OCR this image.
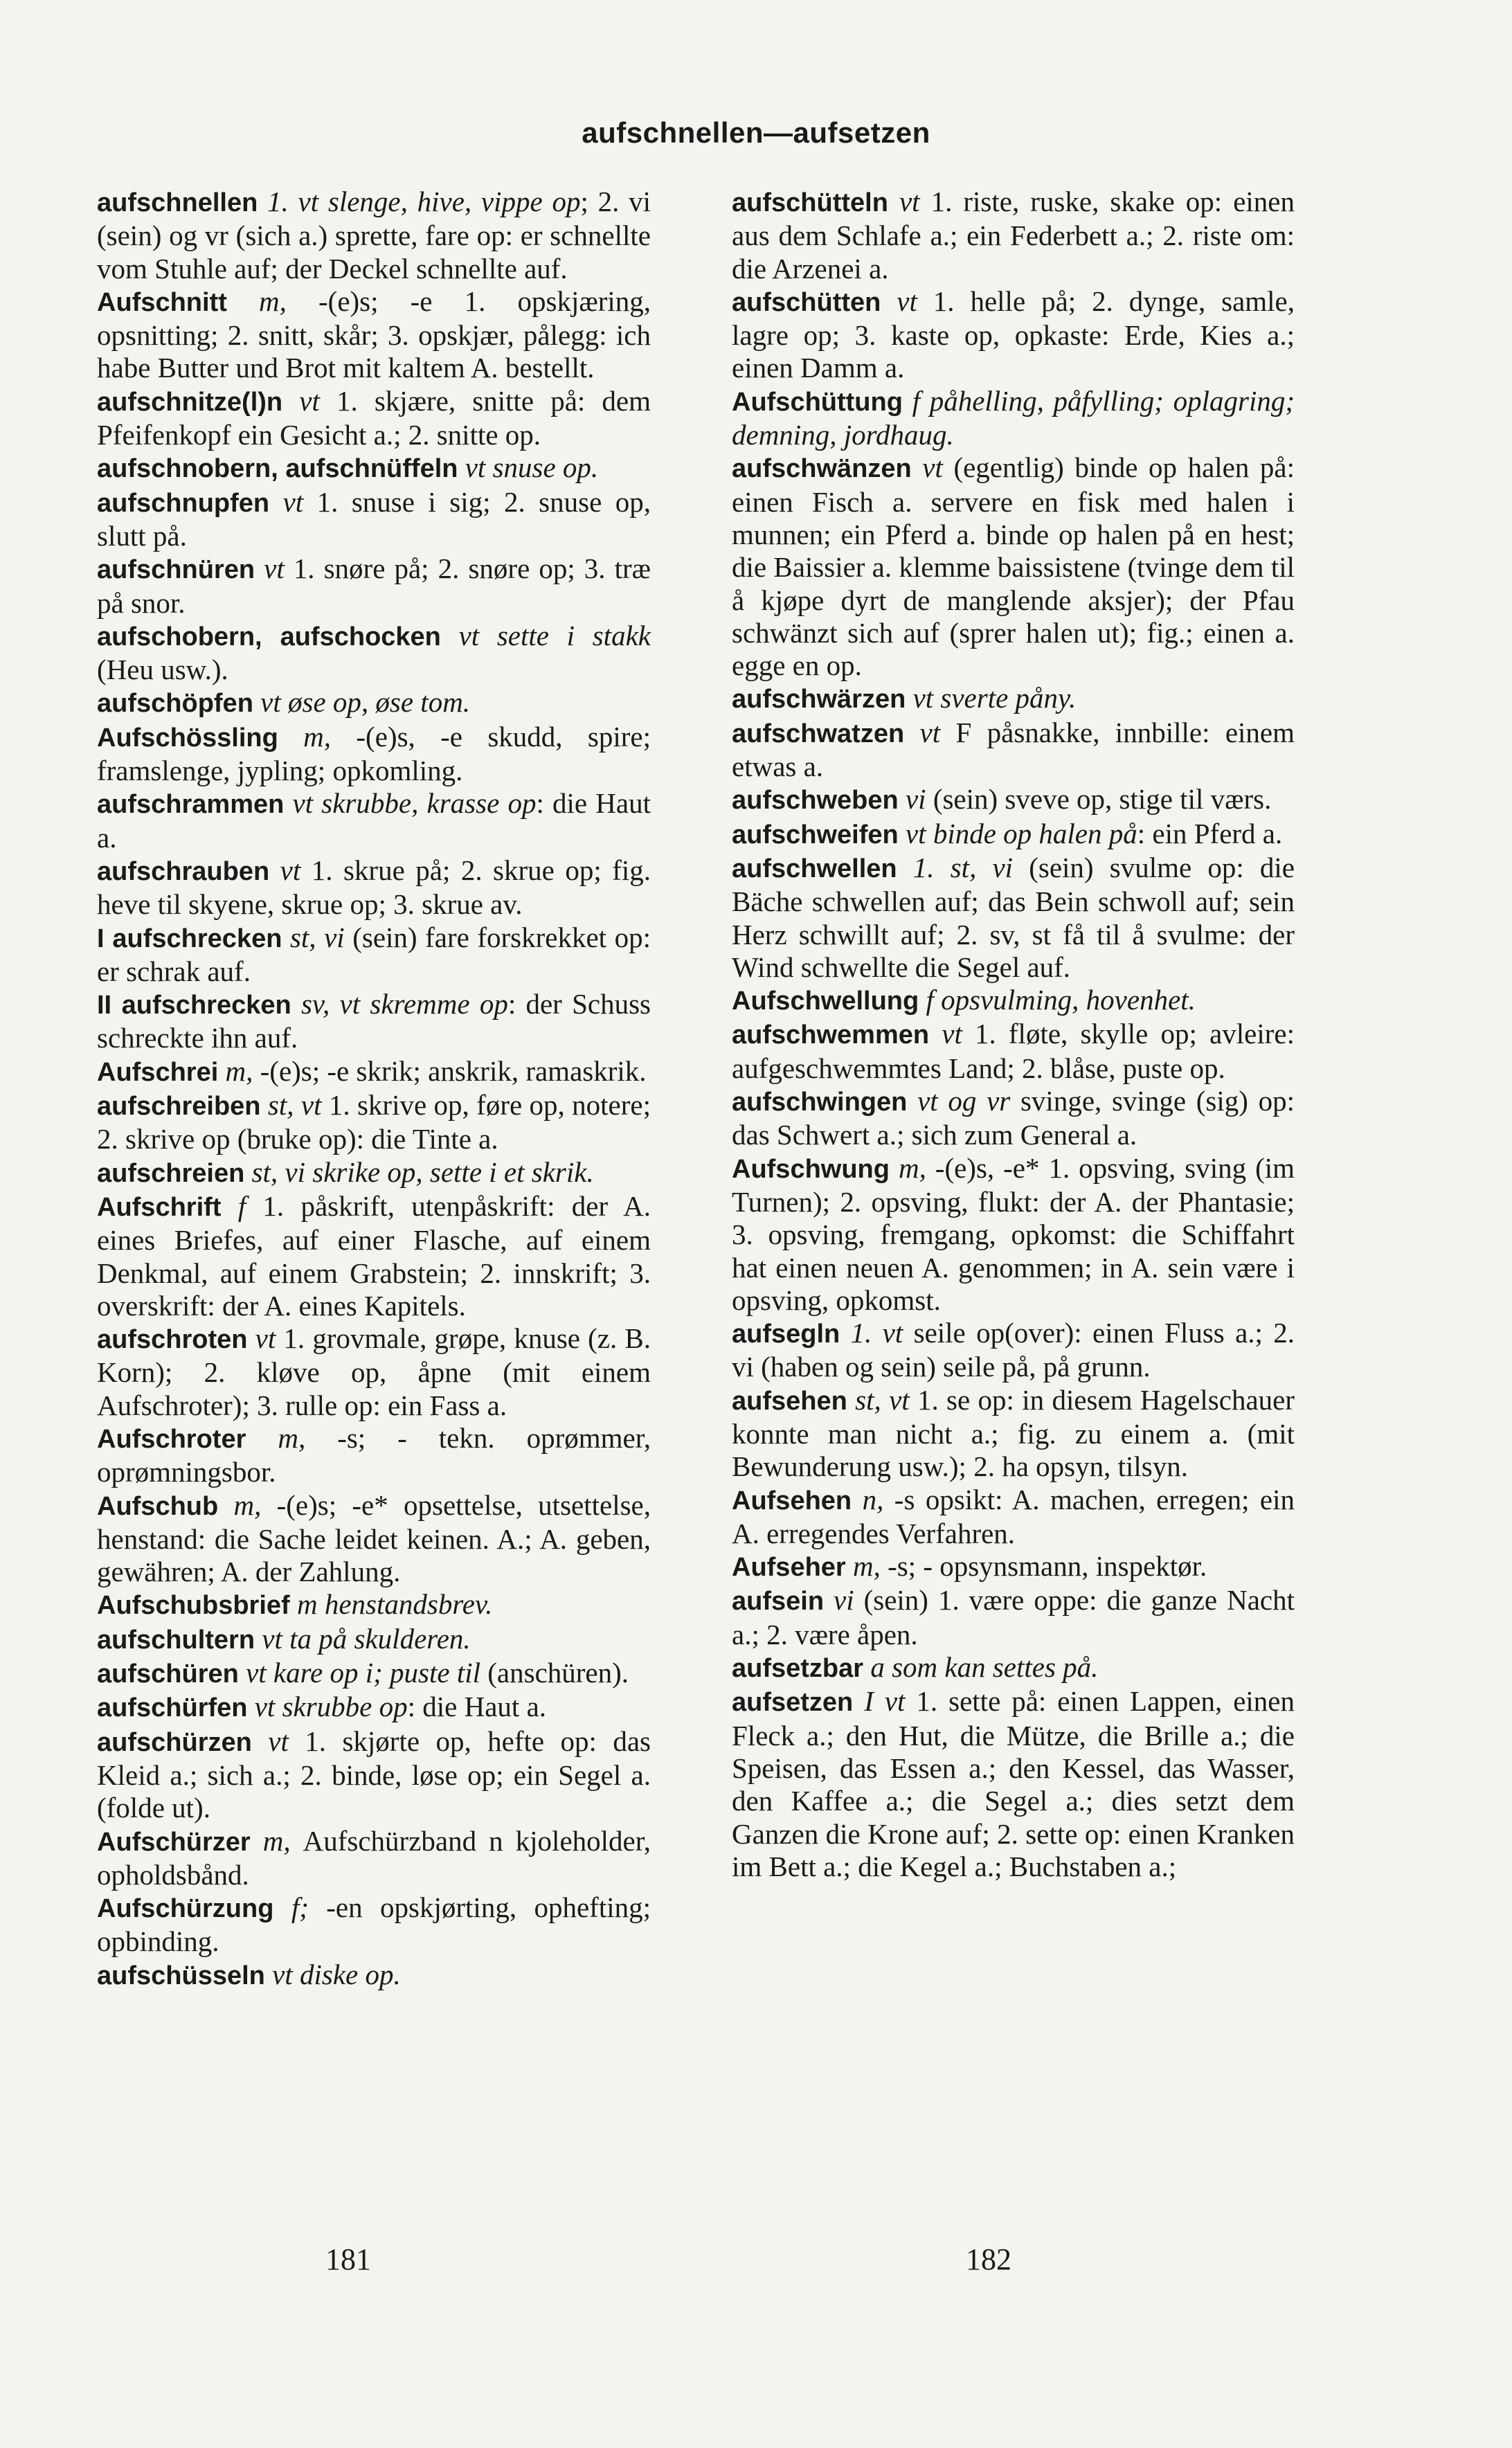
aufschnellen—aufsetzen

aufschnellen 1. vt slenge, hive, vippe op; 2. vi (sein) og vr (sich a.) sprette, fare op: er schnellte vom Stuhle auf; der Deckel schnellte auf.

Aufschnitt m, -(e)s; -e 1. opskjæring, opsnitting; 2. snitt, skår; 3. opskjær, pålegg: ich habe Butter und Brot mit kaltem A. bestellt.

aufschnitze(l)n vt 1. skjære, snitte på: dem Pfeifenkopf ein Gesicht a.; 2. snitte op.

aufschnobern, aufschnüffeln vt snuse op.

aufschnupfen vt 1. snuse i sig; 2. snuse op, slutt på.

aufschnüren vt 1. snøre på; 2. snøre op; 3. træ på snor.

aufschobern, aufschocken vt sette i stakk (Heu usw.).

aufschöpfen vt øse op, øse tom.

Aufschössling m, -(e)s, -e skudd, spire; framslenge, jypling; opkomling.

aufschrammen vt skrubbe, krasse op: die Haut a.

aufschrauben vt 1. skrue på; 2. skrue op; fig. heve til skyene, skrue op; 3. skrue av.

I aufschrecken st, vi (sein) fare forskrekket op: er schrak auf.

II aufschrecken sv, vt skremme op: der Schuss schreckte ihn auf.

Aufschrei m, -(e)s; -e skrik; anskrik, ramaskrik.

aufschreiben st, vt 1. skrive op, føre op, notere; 2. skrive op (bruke op): die Tinte a.

aufschreien st, vi skrike op, sette i et skrik.

Aufschrift f 1. påskrift, utenpåskrift: der A. eines Briefes, auf einer Flasche, auf einem Denkmal, auf einem Grabstein; 2. innskrift; 3. overskrift: der A. eines Kapitels.

aufschroten vt 1. grovmale, grøpe, knuse (z. B. Korn); 2. kløve op, åpne (mit einem Aufschroter); 3. rulle op: ein Fass a.

Aufschroter m, -s; - tekn. oprømmer, oprømningsbor.

Aufschub m, -(e)s; -e* opsettelse, utsettelse, henstand: die Sache leidet keinen. A.; A. geben, gewähren; A. der Zahlung.

Aufschubsbrief m henstandsbrev.

aufschultern vt ta på skulderen.

aufschüren vt kare op i; puste til (anschüren).

aufschürfen vt skrubbe op: die Haut a.

aufschürzen vt 1. skjørte op, hefte op: das Kleid a.; sich a.; 2. binde, løse op; ein Segel a. (folde ut).

Aufschürzer m, Aufschürzband n kjoleholder, opholdsbånd.

Aufschürzung f; -en opskjørting, ophefting; opbinding.

aufschüsseln vt diske op.

aufschütteln vt 1. riste, ruske, skake op: einen aus dem Schlafe a.; ein Federbett a.; 2. riste om: die Arzenei a.

aufschütten vt 1. helle på; 2. dynge, samle, lagre op; 3. kaste op, opkaste: Erde, Kies a.; einen Damm a.

Aufschüttung f påhelling, påfylling; oplagring; demning, jordhaug.

aufschwänzen vt (egentlig) binde op halen på: einen Fisch a. servere en fisk med halen i munnen; ein Pferd a. binde op halen på en hest; die Baissier a. klemme baissistene (tvinge dem til å kjøpe dyrt de manglende aksjer); der Pfau schwänzt sich auf (sprer halen ut); fig.; einen a. egge en op.

aufschwärzen vt sverte påny.

aufschwatzen vt F påsnakke, innbille: einem etwas a.

aufschweben vi (sein) sveve op, stige til værs.

aufschweifen vt binde op halen på: ein Pferd a.

aufschwellen 1. st, vi (sein) svulme op: die Bäche schwellen auf; das Bein schwoll auf; sein Herz schwillt auf; 2. sv, st få til å svulme: der Wind schwellte die Segel auf.

Aufschwellung f opsvulming, hovenhet.

aufschwemmen vt 1. fløte, skylle op; avleire: aufgeschwemmtes Land; 2. blåse, puste op.

aufschwingen vt og vr svinge, svinge (sig) op: das Schwert a.; sich zum General a.

Aufschwung m, -(e)s, -e* 1. opsving, sving (im Turnen); 2. opsving, flukt: der A. der Phantasie; 3. opsving, fremgang, opkomst: die Schiffahrt hat einen neuen A. genommen; in A. sein være i opsving, opkomst.

aufsegln 1. vt seile op(over): einen Fluss a.; 2. vi (haben og sein) seile på, på grunn.

aufsehen st, vt 1. se op: in diesem Hagelschauer konnte man nicht a.; fig. zu einem a. (mit Bewunderung usw.); 2. ha opsyn, tilsyn.

Aufsehen n, -s opsikt: A. machen, erregen; ein A. erregendes Verfahren.

Aufseher m, -s; - opsynsmann, inspektør.

aufsein vi (sein) 1. være oppe: die ganze Nacht a.; 2. være åpen.

aufsetzbar a som kan settes på.

aufsetzen I vt 1. sette på: einen Lappen, einen Fleck a.; den Hut, die Mütze, die Brille a.; die Speisen, das Essen a.; den Kessel, das Wasser, den Kaffee a.; die Segel a.; dies setzt dem Ganzen die Krone auf; 2. sette op: einen Kranken im Bett a.; die Kegel a.; Buchstaben a.;

181	182
